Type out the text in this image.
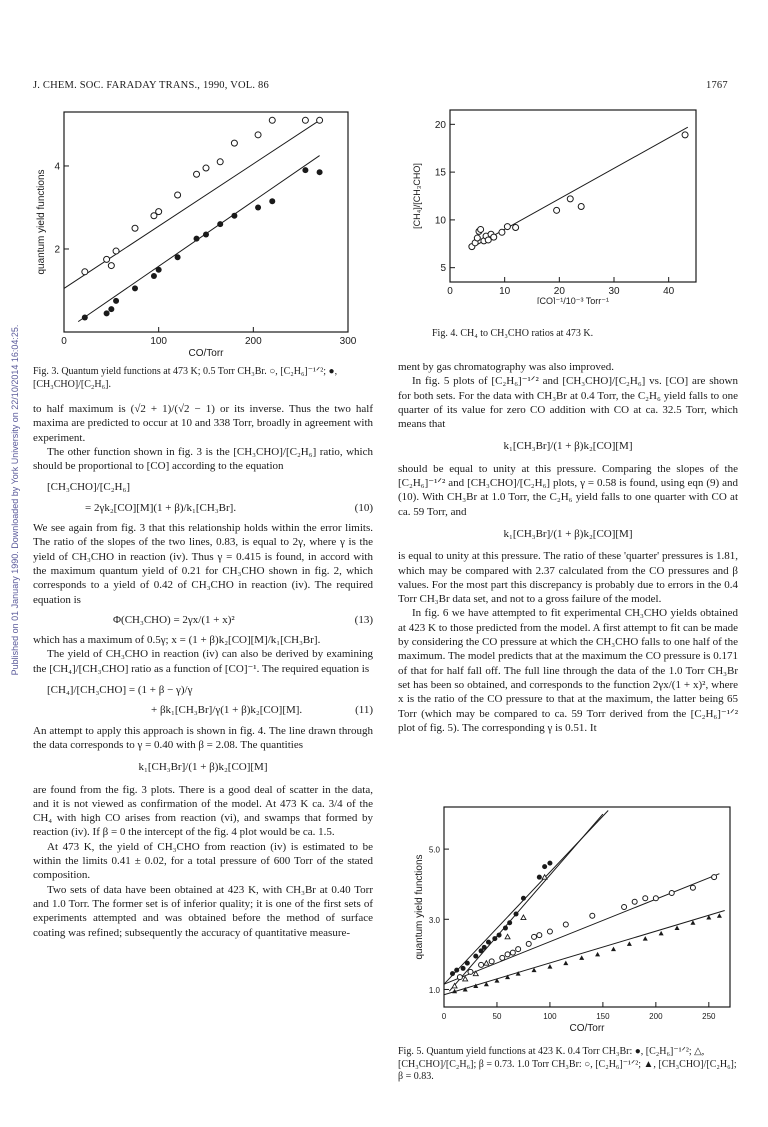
J. CHEM. SOC. FARADAY TRANS., 1990, VOL. 86	1767
Published on 01 January 1990. Downloaded by York University on 22/10/2014 16:04:25.	0	100	200	300
2
4
CO/Torr
quantum yield functions
Fig. 3. Quantum yield functions at 473 K; 0.5 Torr CH₃Br. ○, [C₂H₆]⁻¹ᐟ²; ●, [CH₃CHO]/[C₂H₆].
0	10	20	30	40
5
10
15
20
[CO]⁻¹/10⁻³ Torr⁻¹
[CH₄]/[CH₃CHO]
Fig. 4. CH₄ to CH₃CHO ratios at 473 K.
0	50	100	150	200	250
1.0
3.0
5.0
CO/Torr
quantum yield functions
Fig. 5. Quantum yield functions at 423 K. 0.4 Torr CH₃Br: ●, [C₂H₆]⁻¹ᐟ²; △, [CH₃CHO]/[C₂H₆]; β = 0.73. 1.0 Torr CH₃Br: ○, [C₂H₆]⁻¹ᐟ²; ▲, [CH₃CHO]/[C₂H₆]; β = 0.83.

to half maximum is (√2 + 1)/(√2 − 1) or its inverse. Thus the two half maxima are predicted to occur at 10 and 338 Torr, broadly in agreement with experiment.

The other function shown in fig. 3 is the [CH₃CHO]/[C₂H₆] ratio, which should be proportional to [CO] according to the equation

[CH₃CHO]/[C₂H₆]

= 2γk₂[CO][M](1 + β)/k₁[CH₃Br].	(10)

We see again from fig. 3 that this relationship holds within the error limits. The ratio of the slopes of the two lines, 0.83, is equal to 2γ, where γ is the yield of CH₃CHO in reaction (iv). Thus γ = 0.415 is found, in accord with the maximum quantum yield of 0.21 for CH₃CHO shown in fig. 2, which corresponds to a yield of 0.42 of CH₃CHO in reaction (iv). The required equation is

Φ(CH₃CHO) = 2γx/(1 + x)²	(13)

which has a maximum of 0.5γ; x = (1 + β)k₂[CO][M]/k₁[CH₃Br].

The yield of CH₃CHO in reaction (iv) can also be derived by examining the [CH₄]/[CH₃CHO] ratio as a function of [CO]⁻¹. The required equation is

[CH₄]/[CH₃CHO] = (1 + β − γ)/γ

+ βk₁[CH₃Br]/γ(1 + β)k₂[CO][M].	(11)

An attempt to apply this approach is shown in fig. 4. The line drawn through the data corresponds to γ = 0.40 with β = 2.08. The quantities

k₁[CH₃Br]/(1 + β)k₂[CO][M]

are found from the fig. 3 plots. There is a good deal of scatter in the data, and it is not viewed as confirmation of the model. At 473 K ca. 3/4 of the CH₄ with high CO arises from reaction (vi), and swamps that formed by reaction (iv). If β = 0 the intercept of the fig. 4 plot would be ca. 1.5.

At 473 K, the yield of CH₃CHO from reaction (iv) is estimated to be within the limits 0.41 ± 0.02, for a total pressure of 600 Torr of the stated composition.

Two sets of data have been obtained at 423 K, with CH₃Br at 0.40 Torr and 1.0 Torr. The former set is of inferior quality; it is one of the first sets of experiments attempted and was obtained before the method of surface coating was refined; subsequently the accuracy of quantitative measure-

ment by gas chromatography was also improved.

In fig. 5 plots of [C₂H₆]⁻¹ᐟ² and [CH₃CHO]/[C₂H₆] vs. [CO] are shown for both sets. For the data with CH₃Br at 0.4 Torr, the C₂H₆ yield falls to one quarter of its value for zero CO addition with CO at ca. 32.5 Torr, which means that

k₁[CH₃Br]/(1 + β)k₂[CO][M]

should be equal to unity at this pressure. Comparing the slopes of the [C₂H₆]⁻¹ᐟ² and [CH₃CHO]/[C₂H₆] plots, γ = 0.58 is found, using eqn (9) and (10). With CH₃Br at 1.0 Torr, the C₂H₆ yield falls to one quarter with CO at ca. 59 Torr, and

k₁[CH₃Br]/(1 + β)k₂[CO][M]

is equal to unity at this pressure. The ratio of these 'quarter' pressures is 1.81, which may be compared with 2.37 calculated from the CO pressures and β values. For the most part this discrepancy is probably due to errors in the 0.4 Torr CH₃Br data set, and not to a gross failure of the model.

In fig. 6 we have attempted to fit experimental CH₃CHO yields obtained at 423 K to those predicted from the model. A first attempt to fit can be made by considering the CO pressure at which the CH₃CHO falls to one half of the maximum. The model predicts that at the maximum the CO pressure is 0.171 of that for half fall off. The full line through the data of the 1.0 Torr CH₃Br set has been so obtained, and corresponds to the function 2γx/(1 + x)², where x is the ratio of the CO pressure to that at the maximum, the latter being 65 Torr (which may be compared to ca. 59 Torr derived from the [C₂H₆]⁻¹ᐟ² plot of fig. 5). The corresponding γ is 0.51. It
